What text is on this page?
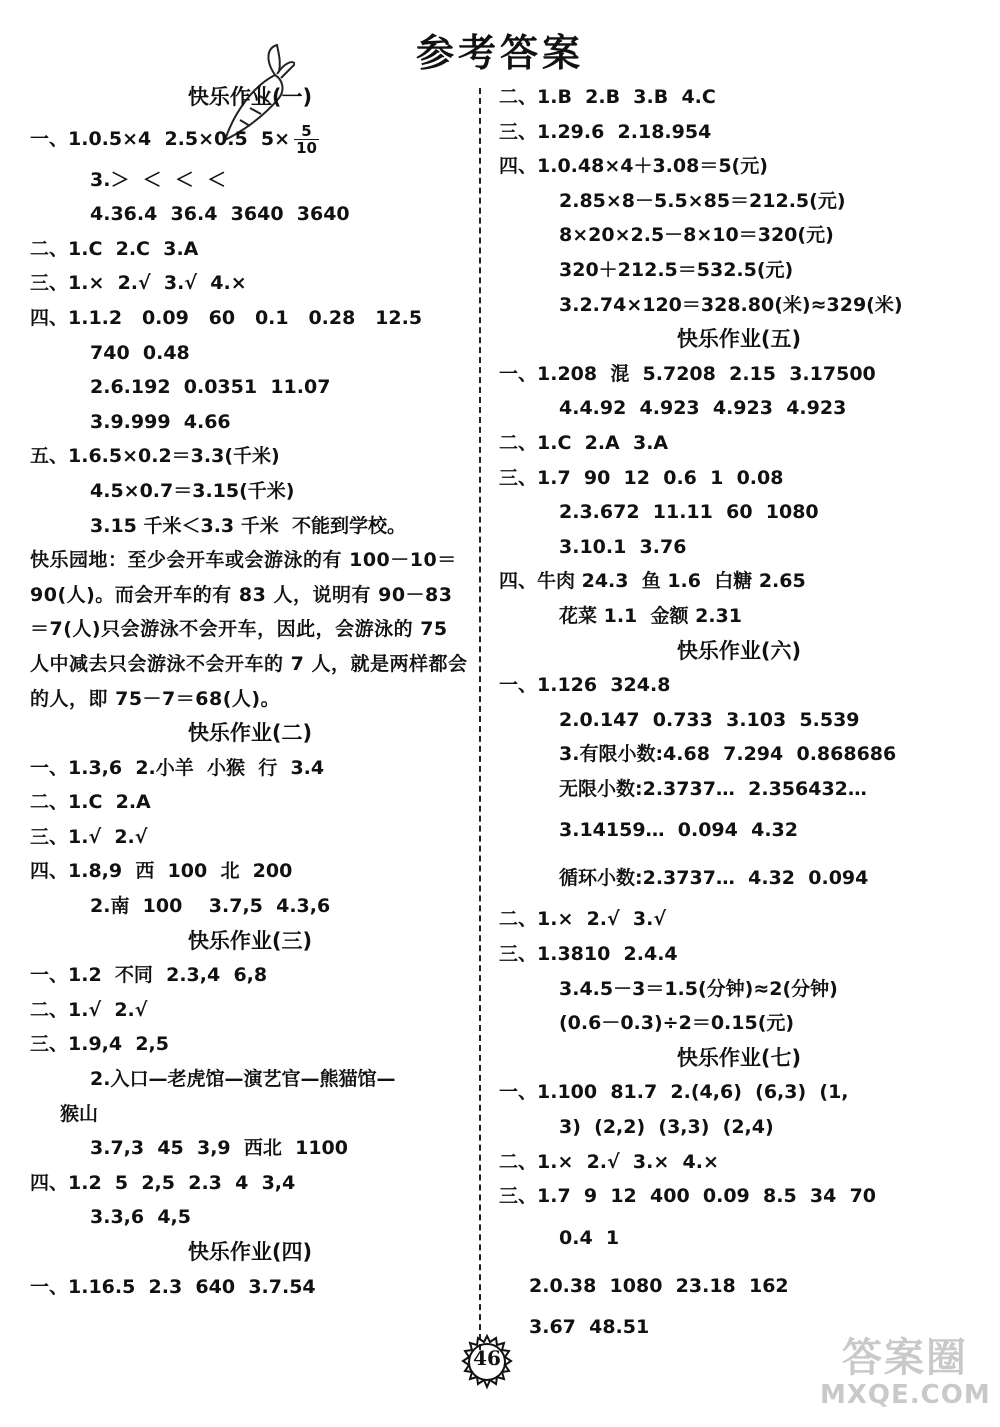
参考答案
快乐作业(一)
一、1.0.5×4  2.5×0.5  $5\times \frac{5}{10}$
3.＞  ＜  ＜  ＜
4.36.4  36.4  3640  3640
二、1.C  2.C  3.A
三、1.×  2.√  3.√  4.×
四、1.1.2   0.09   60   0.1   0.28   12.5
740  0.48
2.6.192  0.0351  11.07
3.9.999  4.66
五、1.6.5×0.2＝3.3(千米)
4.5×0.7＝3.15(千米)
3.15 千米＜3.3 千米  不能到学校。
快乐园地：至少会开车或会游泳的有 100－10＝90(人)。而会开车的有 83 人，说明有 90－83＝7(人)只会游泳不会开车，因此，会游泳的 75 人中减去只会游泳不会开车的 7 人，就是两样都会的人，即 75－7＝68(人)。
快乐作业(二)
一、1.3,6  2.小羊  小猴  行  3.4
二、1.C  2.A
三、1.√  2.√
四、1.8,9  西  100  北  200
2.南  100    3.7,5  4.3,6
快乐作业(三)
一、1.2  不同  2.3,4  6,8
二、1.√  2.√
三、1.9,4  2,5
2.入口—老虎馆—演艺官—熊猫馆—
猴山
3.7,3  45  3,9  西北  1100
四、1.2  5  2,5  2.3  4  3,4
3.3,6  4,5
快乐作业(四)
一、1.16.5  2.3  640  3.7.54
二、1.B  2.B  3.B  4.C
三、1.29.6  2.18.954
四、1.0.48×4＋3.08＝5(元)
2.85×8－5.5×85＝212.5(元)
8×20×2.5－8×10＝320(元)
320＋212.5＝532.5(元)
3.2.74×120＝328.80(米)≈329(米)
快乐作业(五)
一、1.208  混  5.7208  2.15  3.17500
4.4.92  4.923  4.923  4.923
二、1.C  2.A  3.A
三、1.7  90  12  0.6  1  0.08
2.3.672  11.11  60  1080
3.10.1  3.76
四、牛肉 24.3  鱼 1.6  白糖 2.65
花菜 1.1  金额 2.31
快乐作业(六)
一、1.126  324.8
2.0.147  0.733  3.103  5.539
3.有限小数:4.68  7.294  0.868686
无限小数:2.3737…  2.356432…
3.14159…  0.094  4.32
循环小数:2.3737…  4.32  0.094
二、1.×  2.√  3.√
三、1.3810  2.4.4
3.4.5－3＝1.5(分钟)≈2(分钟)
(0.6－0.3)÷2＝0.15(元)
快乐作业(七)
一、1.100  81.7  2.(4,6)  (6,3)  (1,
3)  (2,2)  (3,3)  (2,4)
二、1.×  2.√  3.×  4.×
三、1.7  9  12  400  0.09  8.5  34  70
0.4  1
2.0.38  1080  23.18  162
3.67  48.51
46	答案圈
MXQE.COM
